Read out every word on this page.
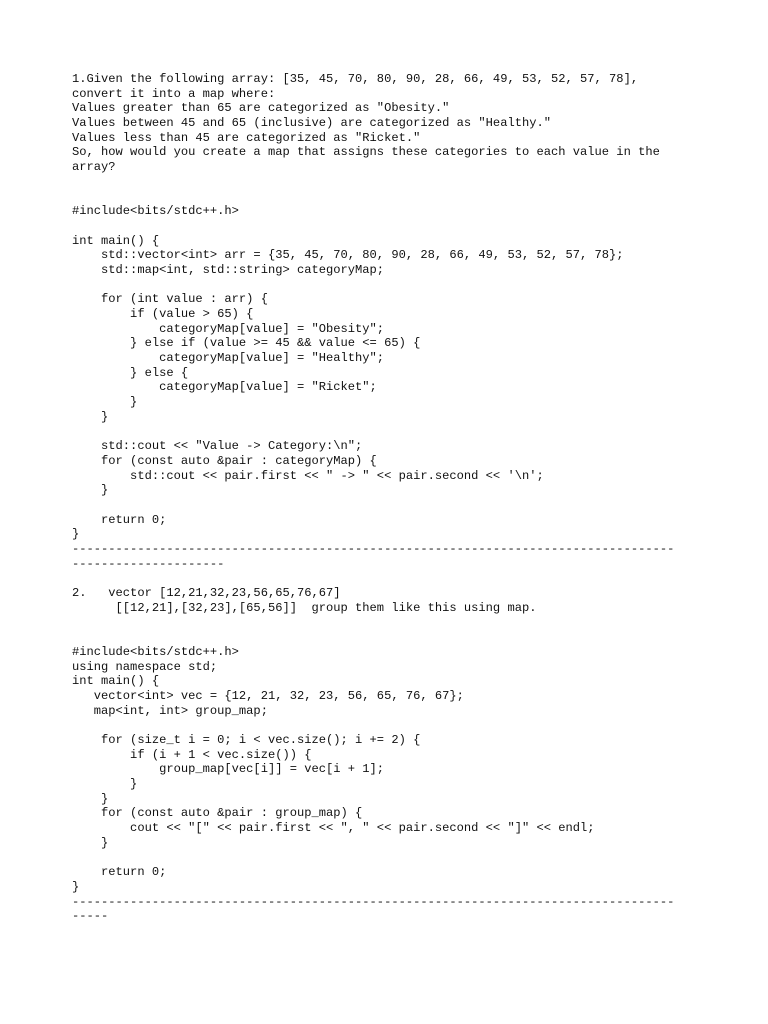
1.Given the following array: [35, 45, 70, 80, 90, 28, 66, 49, 53, 52, 57, 78],
convert it into a map where:
Values greater than 65 are categorized as "Obesity."
Values between 45 and 65 (inclusive) are categorized as "Healthy."
Values less than 45 are categorized as "Ricket."
So, how would you create a map that assigns these categories to each value in the
array?
#include<bits/stdc++.h>
int main() {
std::vector<int> arr = {35, 45, 70, 80, 90, 28, 66, 49, 53, 52, 57, 78};
std::map<int, std::string> categoryMap;
for (int value : arr) {
if (value > 65) {
categoryMap[value] = "Obesity";
} else if (value >= 45 && value <= 65) {
categoryMap[value] = "Healthy";
} else {
categoryMap[value] = "Ricket";
}
}
std::cout << "Value -> Category:\n";
for (const auto &pair : categoryMap) {
std::cout << pair.first << " -> " << pair.second << '\n';
}
return 0;
}
-----------------------------------------------------------------------------------
---------------------
2.   vector [12,21,32,23,56,65,76,67]
[[12,21],[32,23],[65,56]]  group them like this using map.
#include<bits/stdc++.h>
using namespace std;
int main() {
vector<int> vec = {12, 21, 32, 23, 56, 65, 76, 67};
map<int, int> group_map;
for (size_t i = 0; i < vec.size(); i += 2) {
if (i + 1 < vec.size()) {
group_map[vec[i]] = vec[i + 1];
}
}
for (const auto &pair : group_map) {
cout << "[" << pair.first << ", " << pair.second << "]" << endl;
}
return 0;
}
-----------------------------------------------------------------------------------
-----
